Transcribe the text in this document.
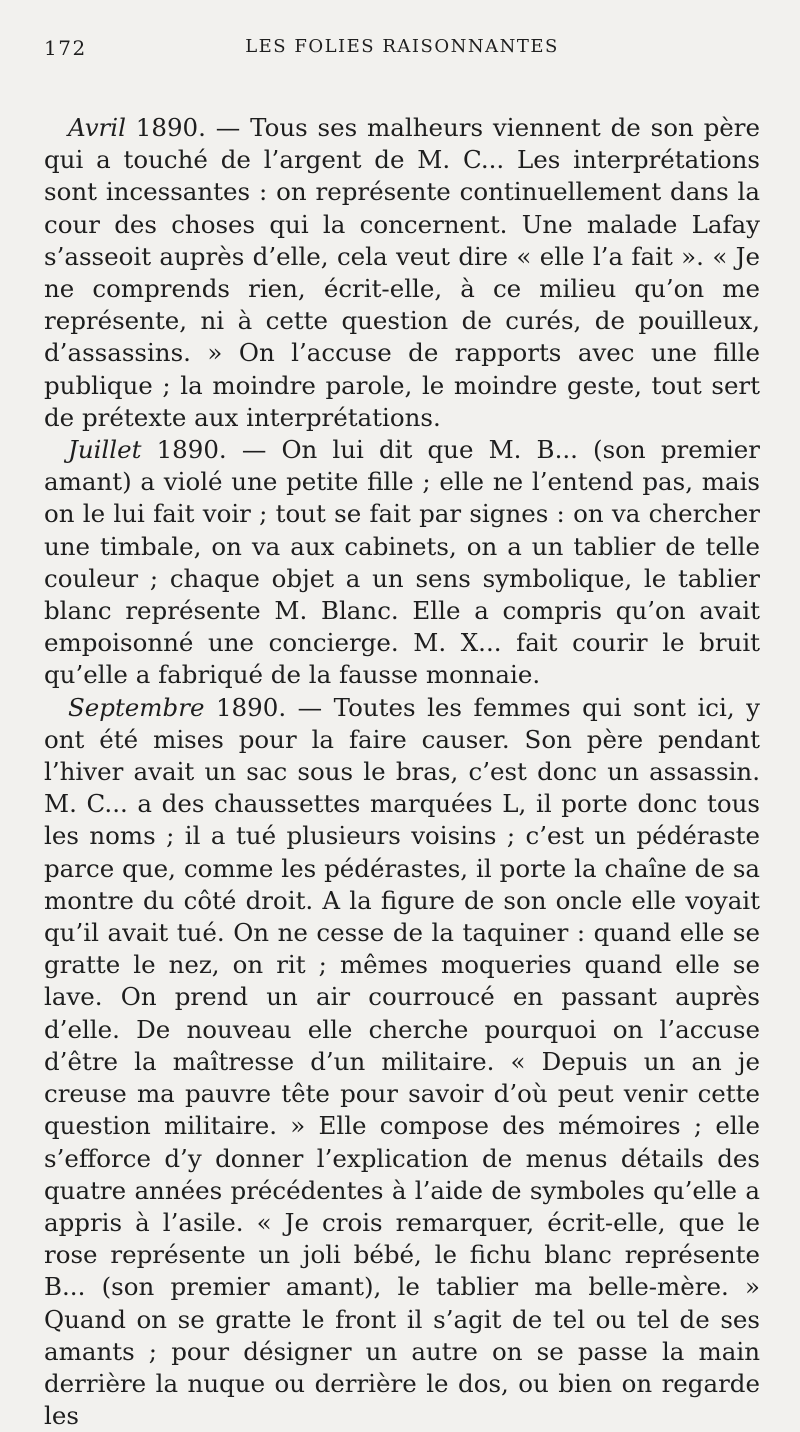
172	LES FOLIES RAISONNANTES

Avril 1890. — Tous ses malheurs viennent de son père qui a touché de l’argent de M. C... Les interprétations sont incessantes : on représente continuellement dans la cour des choses qui la concernent. Une malade Lafay s’asseoit auprès d’elle, cela veut dire « elle l’a fait ». « Je ne comprends rien, écrit-elle, à ce milieu qu’on me représente, ni à cette question de curés, de pouilleux, d’assassins. » On l’accuse de rapports avec une fille publique ; la moindre parole, le moindre geste, tout sert de prétexte aux interprétations.

Juillet 1890. — On lui dit que M. B... (son premier amant) a violé une petite fille ; elle ne l’entend pas, mais on le lui fait voir ; tout se fait par signes : on va chercher une timbale, on va aux cabinets, on a un tablier de telle couleur ; chaque objet a un sens symbolique, le tablier blanc représente M. Blanc. Elle a compris qu’on avait empoisonné une concierge. M. X... fait courir le bruit qu’elle a fabriqué de la fausse monnaie.

Septembre 1890. — Toutes les femmes qui sont ici, y ont été mises pour la faire causer. Son père pendant l’hiver avait un sac sous le bras, c’est donc un assassin. M. C... a des chaussettes marquées L, il porte donc tous les noms ; il a tué plusieurs voisins ; c’est un pédéraste parce que, comme les pédérastes, il porte la chaîne de sa montre du côté droit. A la figure de son oncle elle voyait qu’il avait tué. On ne cesse de la taquiner : quand elle se gratte le nez, on rit ; mêmes moqueries quand elle se lave. On prend un air courroucé en passant auprès d’elle. De nouveau elle cherche pourquoi on l’accuse d’être la maîtresse d’un militaire. « Depuis un an je creuse ma pauvre tête pour savoir d’où peut venir cette question militaire. » Elle compose des mémoires ; elle s’efforce d’y donner l’explication de menus détails des quatre années précédentes à l’aide de symboles qu’elle a appris à l’asile. « Je crois remarquer, écrit-elle, que le rose représente un joli bébé, le fichu blanc représente B... (son premier amant), le tablier ma belle-mère. » Quand on se gratte le front il s’agit de tel ou tel de ses amants ; pour désigner un autre on se passe la main derrière la nuque ou derrière le dos, ou bien on regarde les
